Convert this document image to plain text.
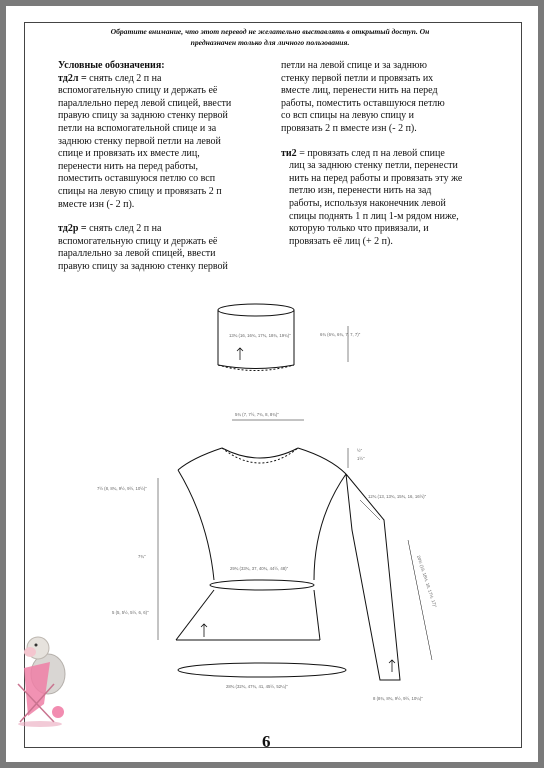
Обратите внимание, что этот перевод не желательно выставлять в открытый доступ. Он
предназначен только для личного пользования.
Условные обозначения:
тд2л = снять след 2 п на
вспомогательную спицу и держать её
параллельно перед левой спицей, ввести
правую спицу за заднюю стенку первой
петли на вспомогательной спице и за
заднюю стенку первой петли на левой
спице и провязать их вместе лиц,
перенести нить на перед работы,
поместить оставшуюся петлю со всп
спицы на левую спицу и провязать 2 п
вместе изн (- 2 п).
тд2р = снять след 2 п на
вспомогательную спицу и держать её
параллельно за левой спицей, ввести
правую спицу за заднюю стенку первой
петли на левой спице и за заднюю
стенку первой петли и провязать их
вместе лиц, перенести нить на перед
работы, поместить оставшуюся петлю
со всп спицы на левую спицу и
провязать 2 п вместе изн (- 2 п).
ти2 = провязать след п на левой спице
лиц за заднюю стенку петли, перенести
нить на перед работы и провязать эту же
петлю изн, перенести нить на зад
работы, используя наконечник левой
спицы поднять 1 п лиц 1-м рядом ниже,
которую только что привязали, и
провязать её лиц (+ 2 п).
13¾ (16, 16¾, 17¾, 18¾, 19¾)"	6¾ (6¾, 6¾, 7, 7, 7)"
5¾ (7, 7½, 7¾, 8, 8¾)"
½"
1½"
7½ (8, 8¾, 9½, 9½, 10½)"
12¾ (13, 13¾, 15¾, 16, 16½)"
7¾"
29¾ (33¾, 37, 40¾, 44½, 48)"
5 (5, 5½, 5½, 6, 6)"
20½ (19, 18½, 18, 17½, 17)"
8 (8¾, 8¾, 9½, 9½, 10¼)"
28¾ (32¾, 47¾, 41, 45½, 52¼)"
6
